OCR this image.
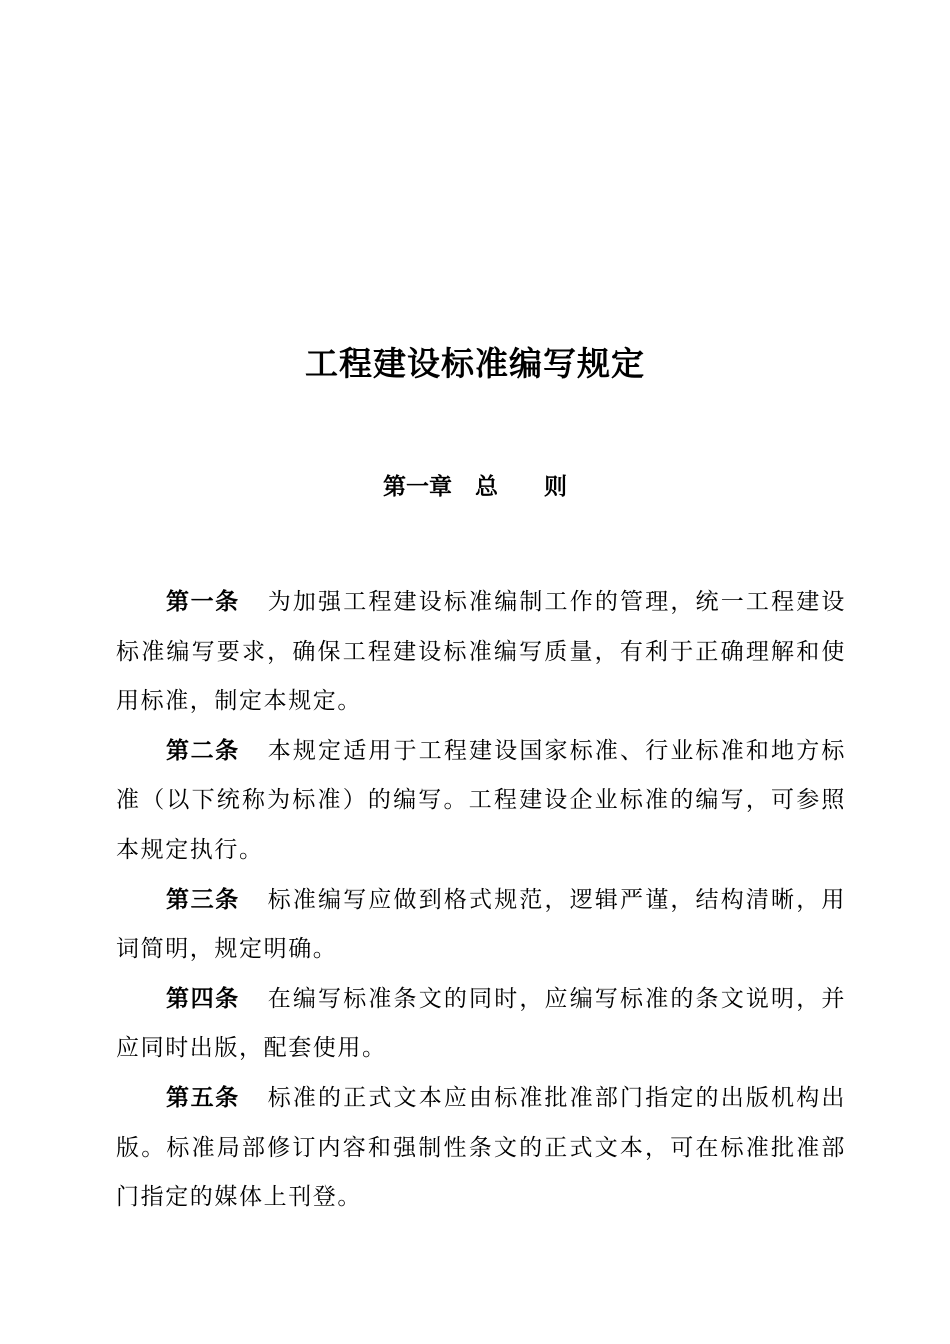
工程建设标准编写规定
第一章　总　　则

第一条 为加强工程建设标准编制工作的管理，统一工程建设标准编写要求，确保工程建设标准编写质量，有利于正确理解和使用标准，制定本规定。

第二条 本规定适用于工程建设国家标准、行业标准和地方标准（以下统称为标准）的编写。工程建设企业标准的编写，可参照本规定执行。

第三条 标准编写应做到格式规范，逻辑严谨，结构清晰，用词简明，规定明确。

第四条 在编写标准条文的同时，应编写标准的条文说明，并应同时出版，配套使用。

第五条 标准的正式文本应由标准批准部门指定的出版机构出版。标准局部修订内容和强制性条文的正式文本，可在标准批准部门指定的媒体上刊登。
